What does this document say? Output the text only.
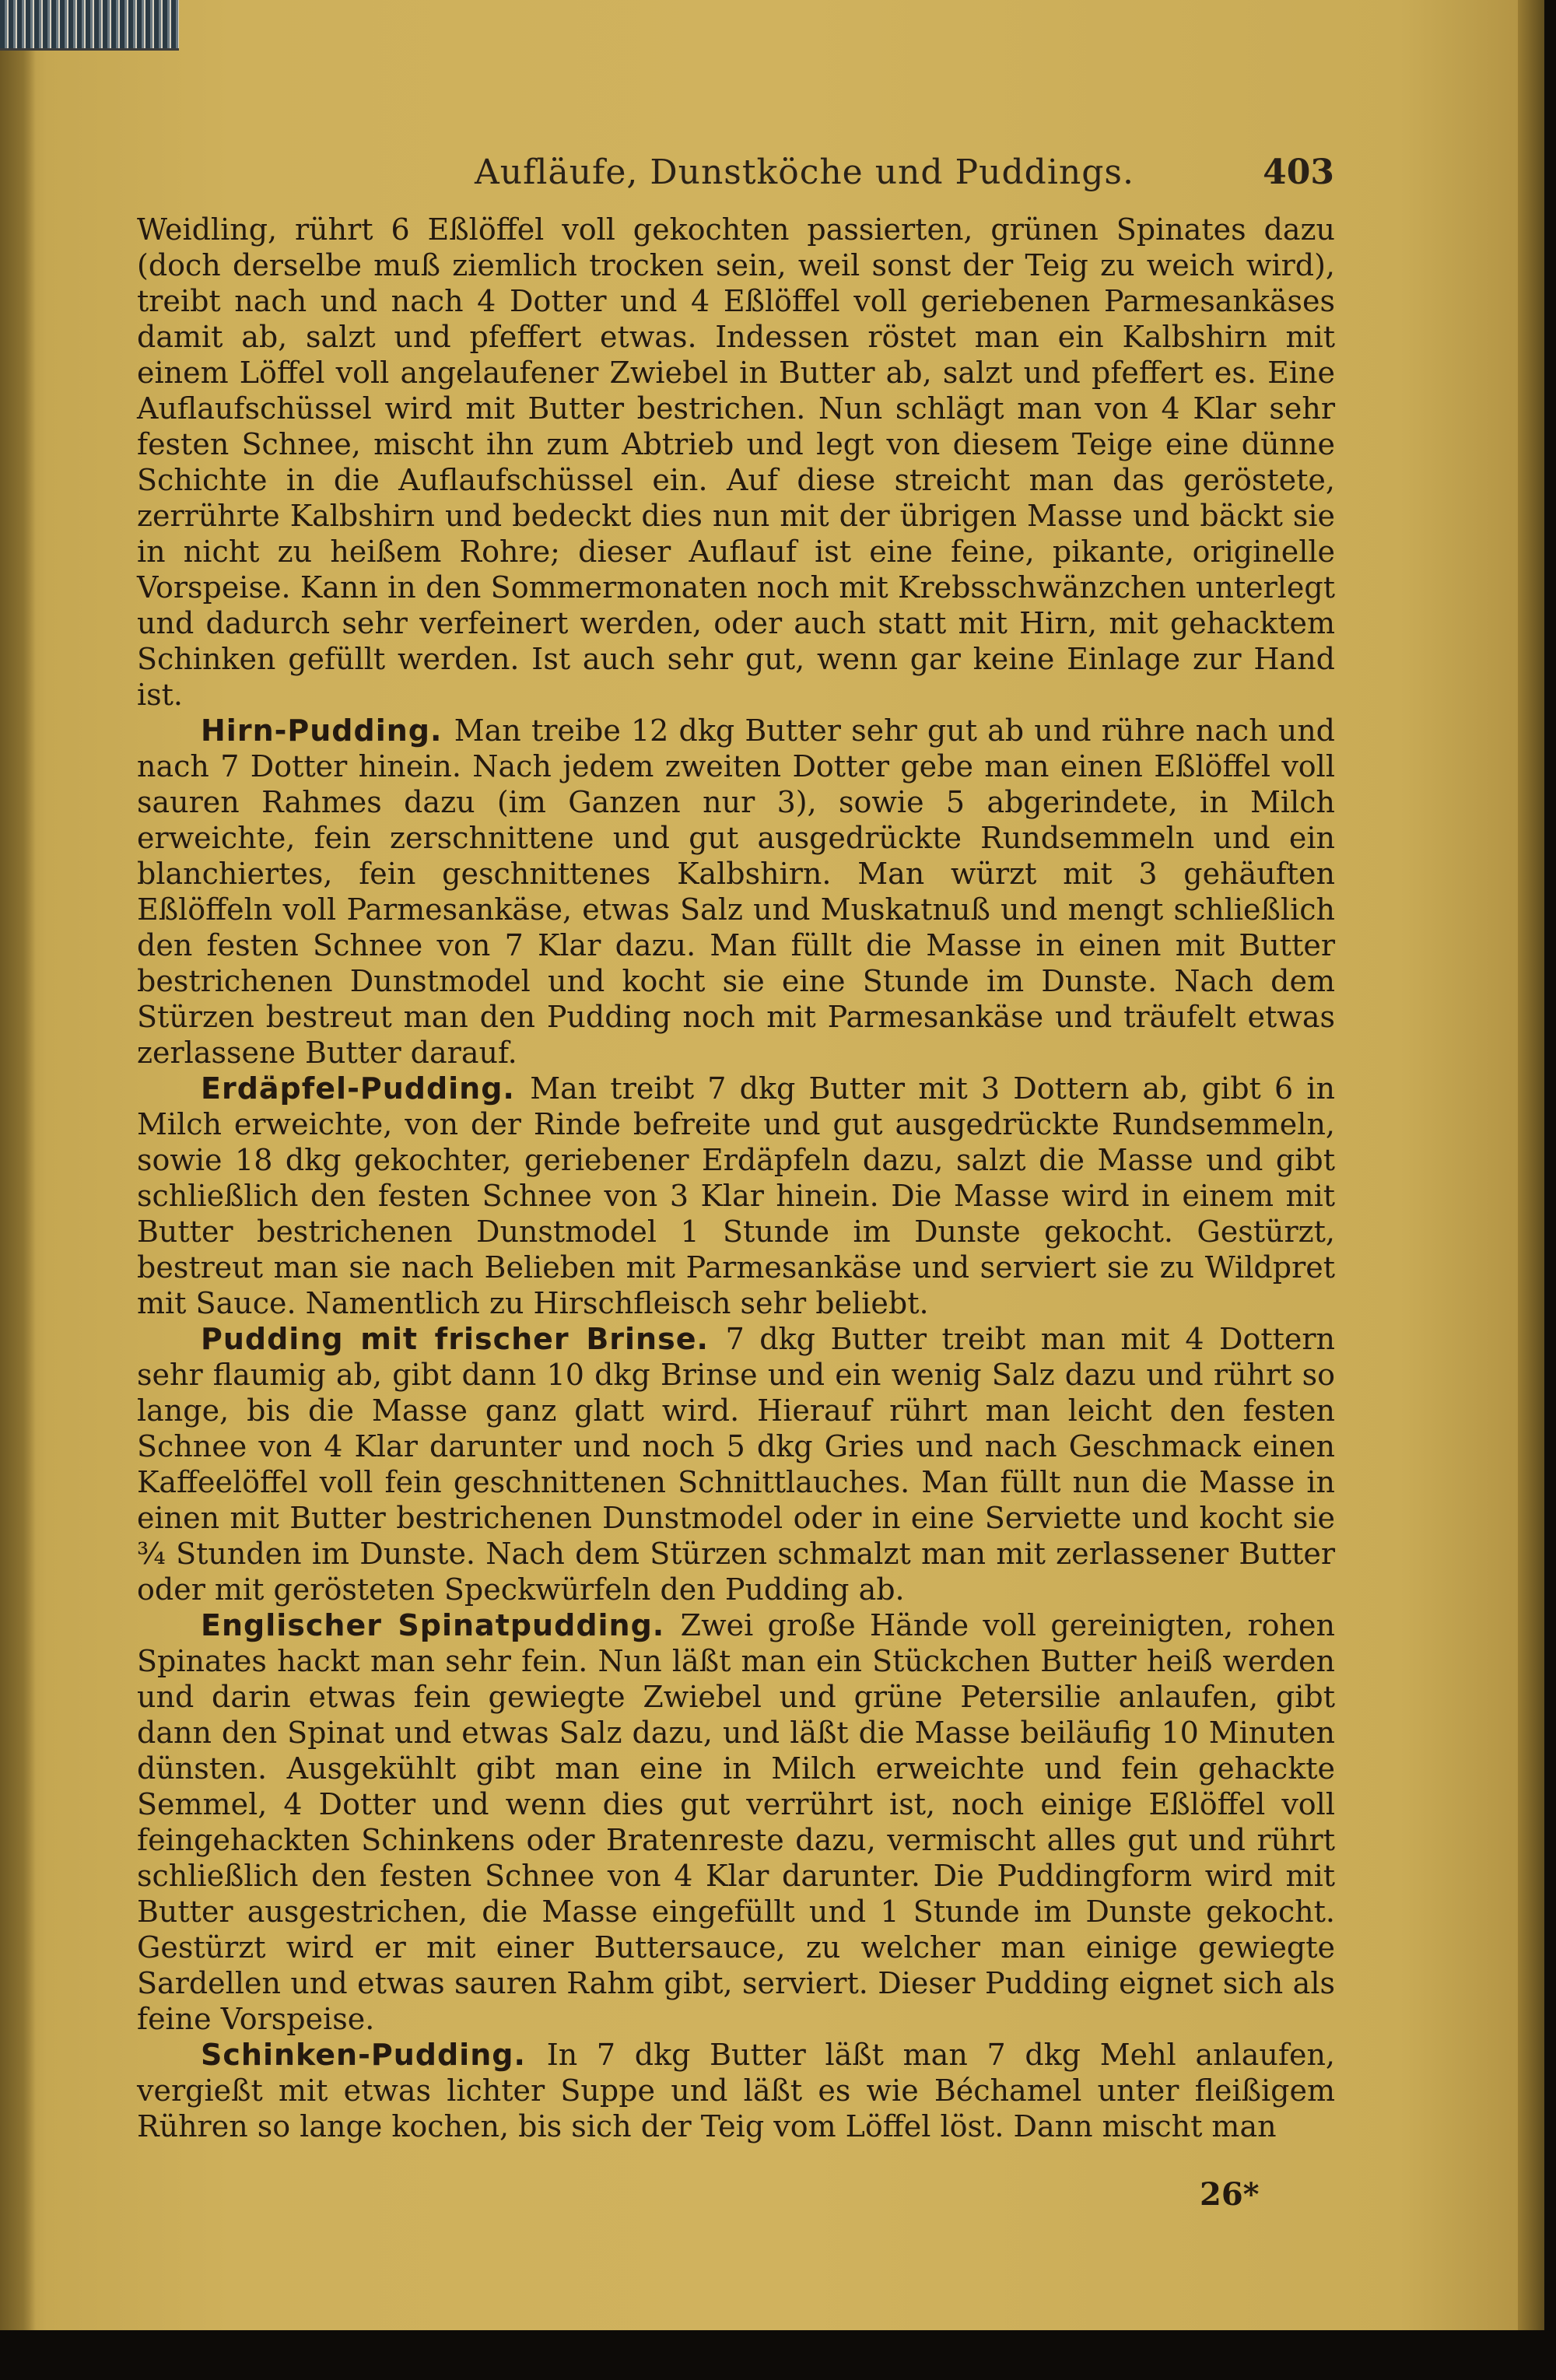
Aufläufe, Dunstköche und Puddings.	403

Weidling, rührt 6 Eßlöffel voll gekochten passierten, grünen Spinates dazu (doch derselbe muß ziemlich trocken sein, weil sonst der Teig zu weich wird), treibt nach und nach 4 Dotter und 4 Eßlöffel voll geriebenen Parmesankäses damit ab, salzt und pfeffert etwas. Indessen röstet man ein Kalbshirn mit einem Löffel voll angelaufener Zwiebel in Butter ab, salzt und pfeffert es. Eine Auflaufschüssel wird mit Butter bestrichen. Nun schlägt man von 4 Klar sehr festen Schnee, mischt ihn zum Abtrieb und legt von diesem Teige eine dünne Schichte in die Auflaufschüssel ein. Auf diese streicht man das geröstete, zerrührte Kalbshirn und bedeckt dies nun mit der übrigen Masse und bäckt sie in nicht zu heißem Rohre; dieser Auflauf ist eine feine, pikante, originelle Vorspeise. Kann in den Sommermonaten noch mit Krebsschwänzchen unterlegt und dadurch sehr verfeinert werden, oder auch statt mit Hirn, mit gehacktem Schinken gefüllt werden. Ist auch sehr gut, wenn gar keine Einlage zur Hand ist.

Hirn-Pudding. Man treibe 12 dkg Butter sehr gut ab und rühre nach und nach 7 Dotter hinein. Nach jedem zweiten Dotter gebe man einen Eßlöffel voll sauren Rahmes dazu (im Ganzen nur 3), sowie 5 abgerindete, in Milch erweichte, fein zerschnittene und gut ausgedrückte Rundsemmeln und ein blanchiertes, fein geschnittenes Kalbshirn. Man würzt mit 3 gehäuften Eßlöffeln voll Parmesankäse, etwas Salz und Muskatnuß und mengt schließlich den festen Schnee von 7 Klar dazu. Man füllt die Masse in einen mit Butter bestrichenen Dunstmodel und kocht sie eine Stunde im Dunste. Nach dem Stürzen bestreut man den Pudding noch mit Parmesankäse und träufelt etwas zerlassene Butter darauf.

Erdäpfel-Pudding. Man treibt 7 dkg Butter mit 3 Dottern ab, gibt 6 in Milch erweichte, von der Rinde befreite und gut ausgedrückte Rundsemmeln, sowie 18 dkg gekochter, geriebener Erdäpfeln dazu, salzt die Masse und gibt schließlich den festen Schnee von 3 Klar hinein. Die Masse wird in einem mit Butter bestrichenen Dunstmodel 1 Stunde im Dunste gekocht. Gestürzt, bestreut man sie nach Belieben mit Parmesankäse und serviert sie zu Wildpret mit Sauce. Namentlich zu Hirschfleisch sehr beliebt.

Pudding mit frischer Brinse. 7 dkg Butter treibt man mit 4 Dottern sehr flaumig ab, gibt dann 10 dkg Brinse und ein wenig Salz dazu und rührt so lange, bis die Masse ganz glatt wird. Hierauf rührt man leicht den festen Schnee von 4 Klar darunter und noch 5 dkg Gries und nach Geschmack einen Kaffeelöffel voll fein geschnittenen Schnittlauches. Man füllt nun die Masse in einen mit Butter bestrichenen Dunstmodel oder in eine Serviette und kocht sie ¾ Stunden im Dunste. Nach dem Stürzen schmalzt man mit zerlassener Butter oder mit gerösteten Speckwürfeln den Pudding ab.

Englischer Spinatpudding. Zwei große Hände voll gereinigten, rohen Spinates hackt man sehr fein. Nun läßt man ein Stückchen Butter heiß werden und darin etwas fein gewiegte Zwiebel und grüne Petersilie anlaufen, gibt dann den Spinat und etwas Salz dazu, und läßt die Masse beiläufig 10 Minuten dünsten. Ausgekühlt gibt man eine in Milch erweichte und fein gehackte Semmel, 4 Dotter und wenn dies gut verrührt ist, noch einige Eßlöffel voll feingehackten Schinkens oder Bratenreste dazu, vermischt alles gut und rührt schließlich den festen Schnee von 4 Klar darunter. Die Puddingform wird mit Butter ausgestrichen, die Masse eingefüllt und 1 Stunde im Dunste gekocht. Gestürzt wird er mit einer Buttersauce, zu welcher man einige gewiegte Sardellen und etwas sauren Rahm gibt, serviert. Dieser Pudding eignet sich als feine Vorspeise.

Schinken-Pudding. In 7 dkg Butter läßt man 7 dkg Mehl anlaufen, vergießt mit etwas lichter Suppe und läßt es wie Béchamel unter fleißigem Rühren so lange kochen, bis sich der Teig vom Löffel löst. Dann mischt man

26*
